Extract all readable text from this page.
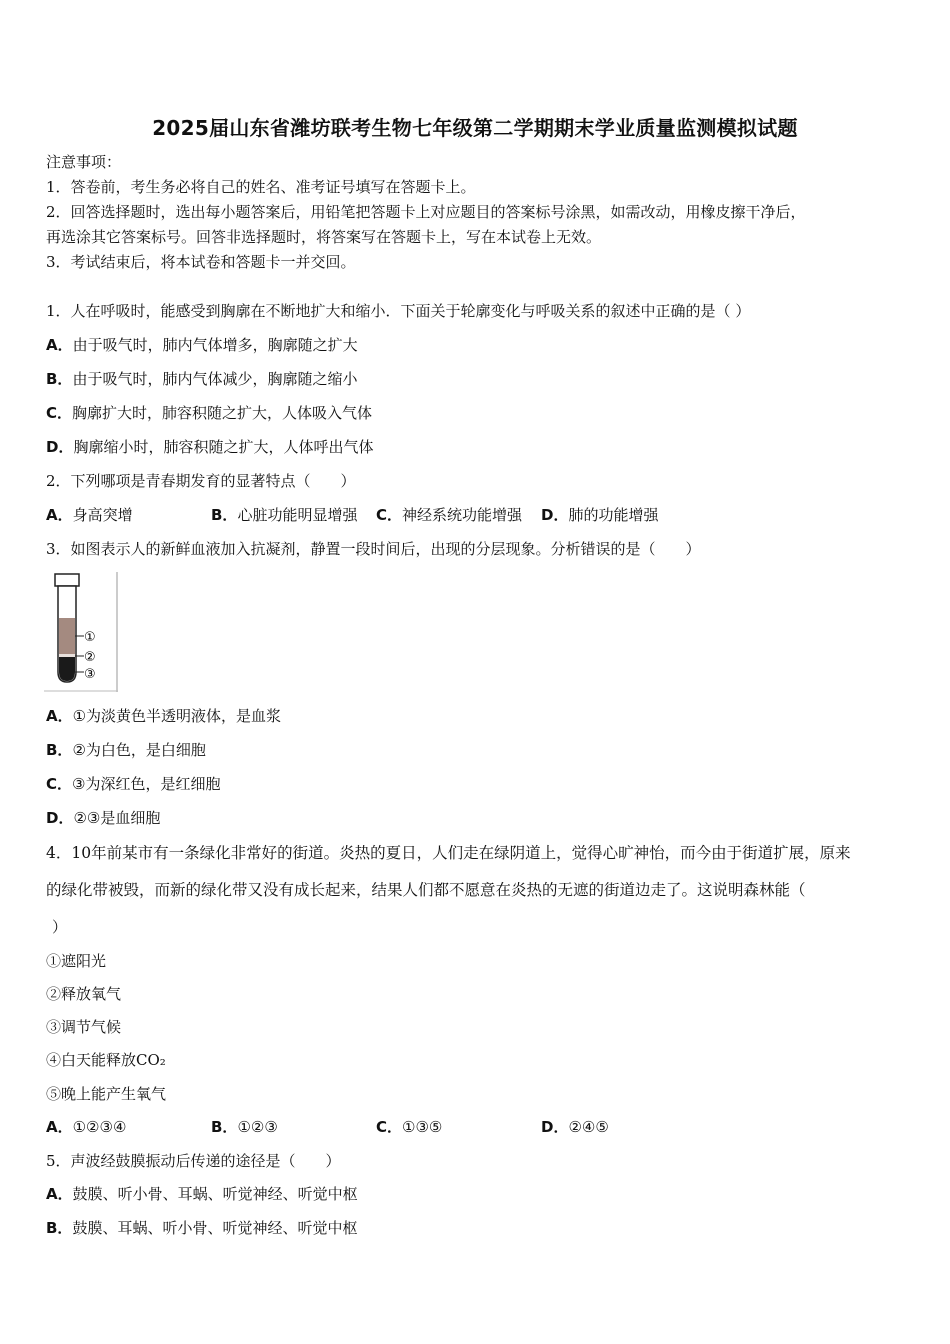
2025届山东省潍坊联考生物七年级第二学期期末学业质量监测模拟试题
注意事项：
1．答卷前，考生务必将自己的姓名、准考证号填写在答题卡上。
2．回答选择题时，选出每小题答案后，用铅笔把答题卡上对应题目的答案标号涂黑，如需改动，用橡皮擦干净后，
再选涂其它答案标号。回答非选择题时，将答案写在答题卡上，写在本试卷上无效。
3．考试结束后，将本试卷和答题卡一并交回。
1．人在呼吸时，能感受到胸廓在不断地扩大和缩小．下面关于轮廓变化与呼吸关系的叙述中正确的是（ ）
A．由于吸气时，肺内气体增多，胸廓随之扩大
B．由于吸气时，肺内气体减少，胸廓随之缩小
C．胸廓扩大时，肺容积随之扩大，人体吸入气体
D．胸廓缩小时，肺容积随之扩大，人体呼出气体
2．下列哪项是青春期发育的显著特点（　　）
A．身高突增	B．心脏功能明显增强 C．神经系统功能增强 D．肺的功能增强
3．如图表示人的新鲜血液加入抗凝剂，静置一段时间后，出现的分层现象。分析错误的是（　　）
①
②
③
A．①为淡黄色半透明液体，是血浆
B．②为白色，是白细胞
C．③为深红色，是红细胞
D．②③是血细胞
4．10年前某市有一条绿化非常好的街道。炎热的夏日，人们走在绿阴道上，觉得心旷神怡，而今由于街道扩展，原来
的绿化带被毁，而新的绿化带又没有成长起来，结果人们都不愿意在炎热的无遮的街道边走了。这说明森林能（
）
①遮阳光
②释放氧气
③调节气候
④白天能释放CO₂
⑤晚上能产生氧气
A．①②③④	B．①②③	C．①③⑤	D．②④⑤
5．声波经鼓膜振动后传递的途径是（　　）
A．鼓膜、听小骨、耳蜗、听觉神经、听觉中枢
B．鼓膜、耳蜗、听小骨、听觉神经、听觉中枢
